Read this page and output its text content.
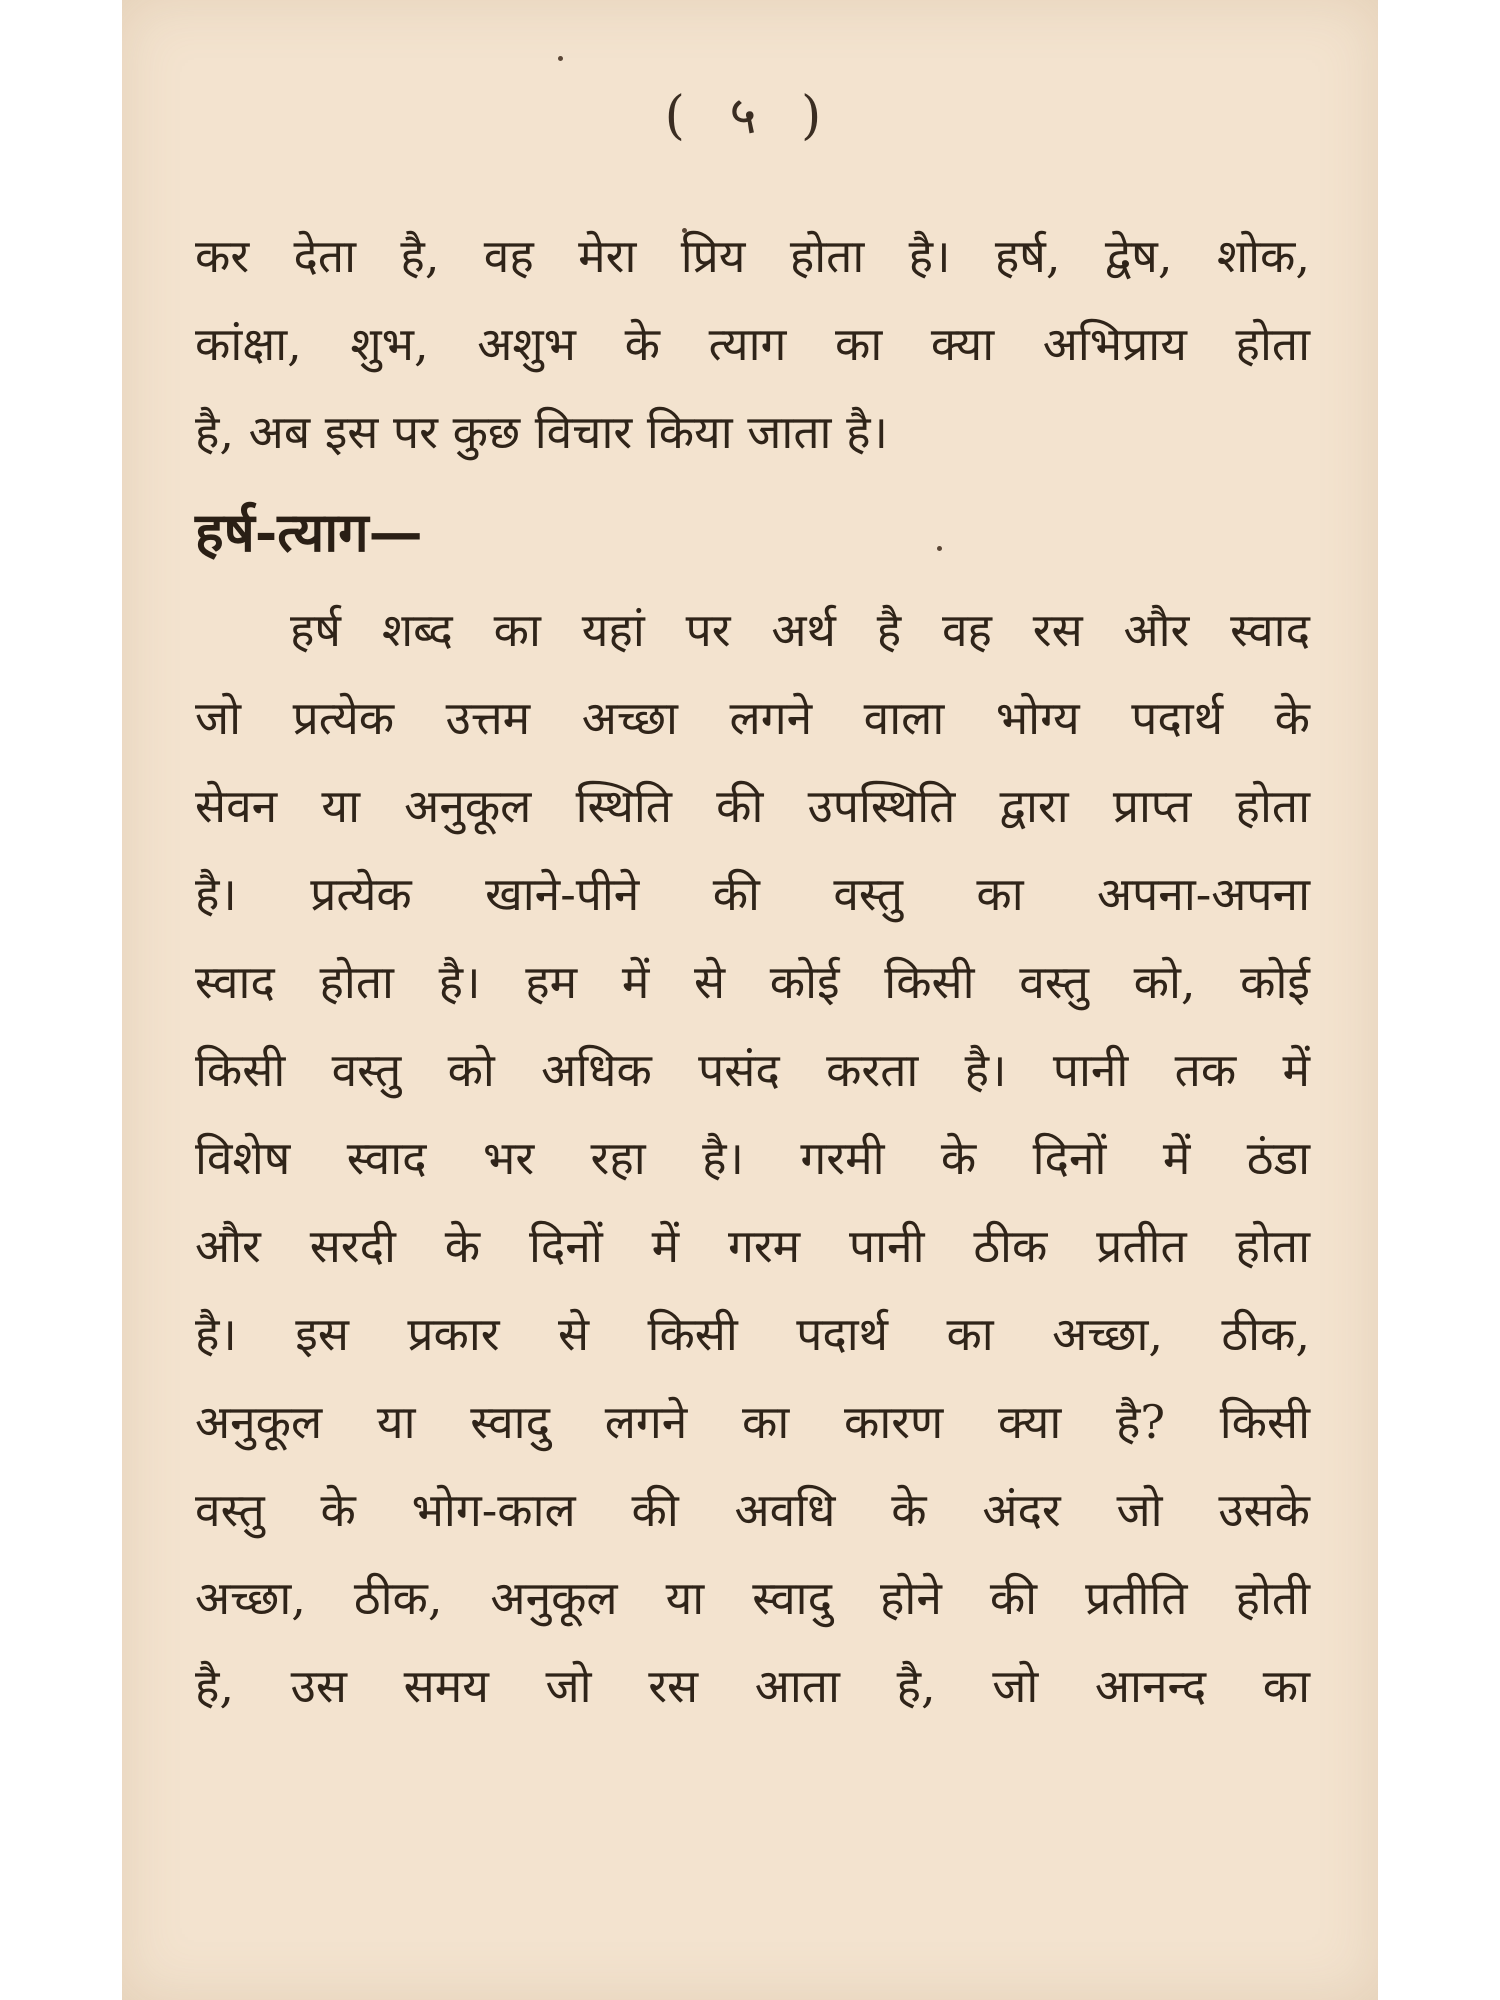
( ५ )
कर देता है, वह मेरा प्रिय होता है। हर्ष, द्वेष, शोक,
कांक्षा, शुभ, अशुभ के त्याग का क्या अभिप्राय होता
है, अब इस पर कुछ विचार किया जाता है।
हर्ष-त्याग—
हर्ष शब्द का यहां पर अर्थ है वह रस और स्वाद
जो प्रत्येक उत्तम अच्छा लगने वाला भोग्य पदार्थ के
सेवन या अनुकूल स्थिति की उपस्थिति द्वारा प्राप्त होता
है। प्रत्येक खाने-पीने की वस्तु का अपना-अपना
स्वाद होता है। हम में से कोई किसी वस्तु को, कोई
किसी वस्तु को अधिक पसंद करता है। पानी तक में
विशेष स्वाद भर रहा है। गरमी के दिनों में ठंडा
और सरदी के दिनों में गरम पानी ठीक प्रतीत होता
है। इस प्रकार से किसी पदार्थ का अच्छा, ठीक,
अनुकूल या स्वादु लगने का कारण क्या है? किसी
वस्तु के भोग-काल की अवधि के अंदर जो उसके
अच्छा, ठीक, अनुकूल या स्वादु होने की प्रतीति होती
है, उस समय जो रस आता है, जो आनन्द का
